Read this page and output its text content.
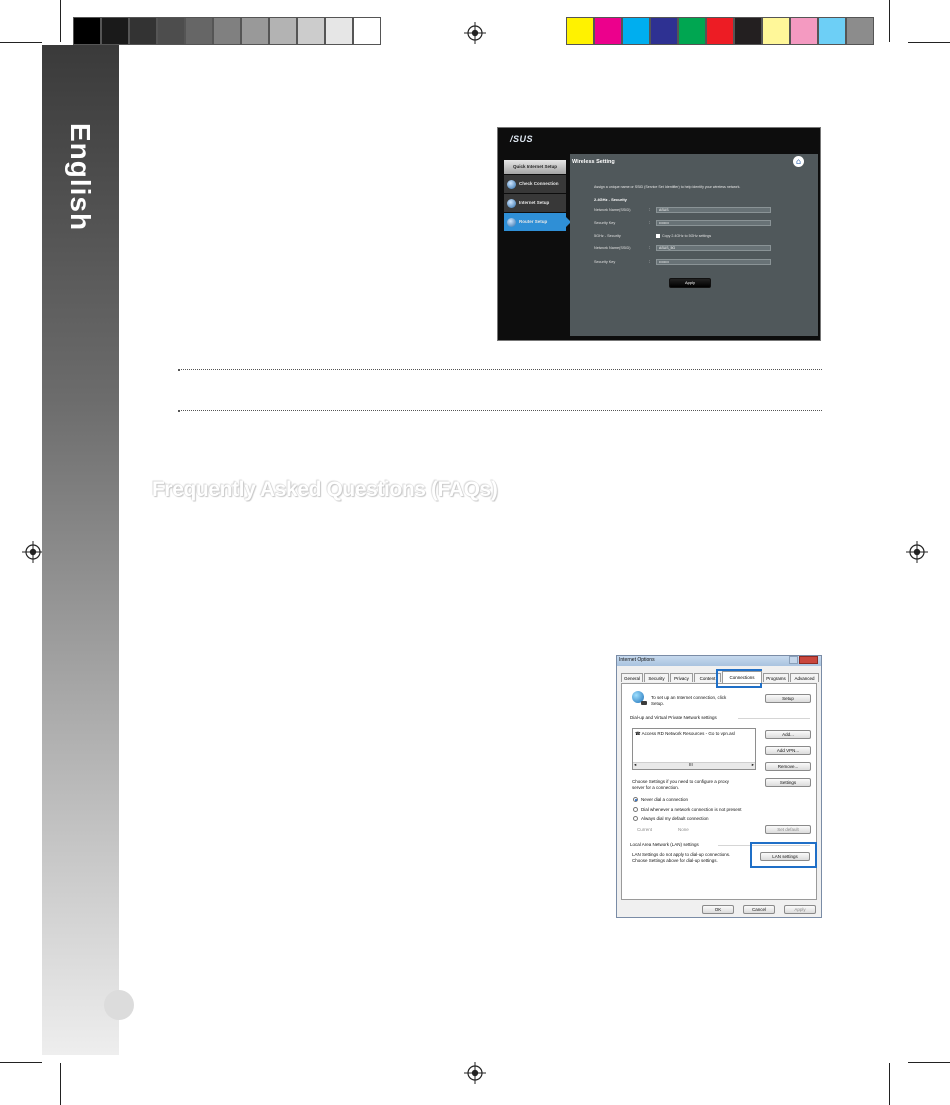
English	/SUS
Quick Internet Setup
Check Connection
Internet Setup
Router Setup
Wireless Setting	⌂
Assign a unique name or SSID (Service Set Identifier) to help identify your wireless network.
2.4GHz - Security
Network Name(SSID)	:	ASUS
Security Key	:	••••••••
5GHz - Security	Copy 2.4GHz to 5GHz settings
Network Name(SSID)	:	ASUS_5G
Security Key	:	••••••••
Apply
Frequently Asked Questions (FAQs)
Internet Options
General	Security	Privacy	Content	Connections	Programs	Advanced
To set up an Internet connection, click
Setup.
Setup
Dial-up and Virtual Private Network settings
☎ Access RD Network Resources - Go to vpn.asl
◂	III	▸
Add...
Add VPN...
Remove...
Choose Settings if you need to configure a proxy
server for a connection.
Settings
Never dial a connection
Dial whenever a network connection is not present
Always dial my default connection
Current	None	Set default
Local Area Network (LAN) settings
LAN Settings do not apply to dial-up connections.
Choose Settings above for dial-up settings.
LAN settings
OK	Cancel	Apply
